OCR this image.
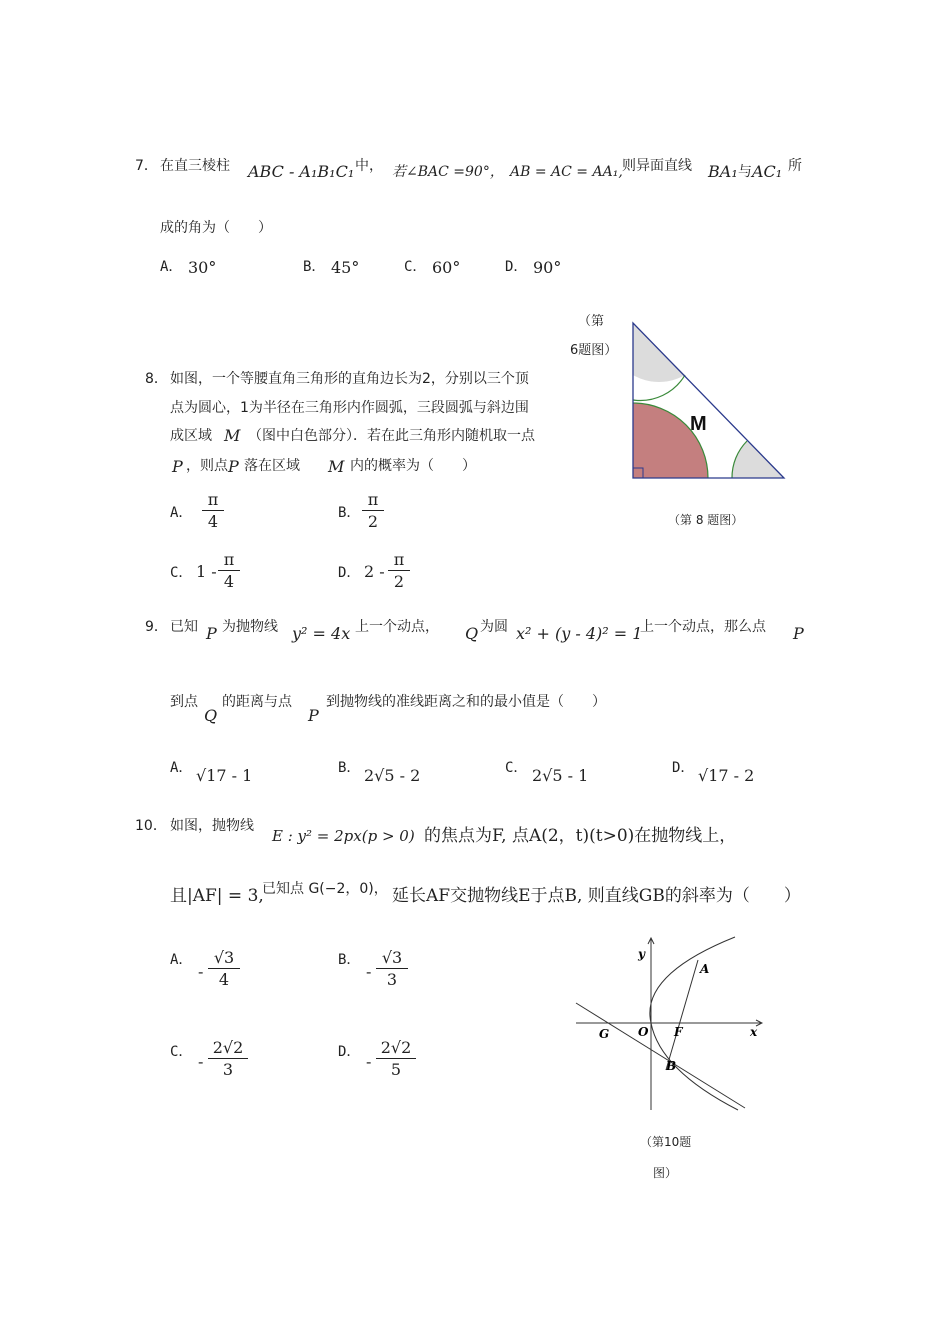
7． 在直三棱柱 ABC - A₁B₁C₁ 中， 若∠BAC =90°， AB = AC = AA₁, 则异面直线 BA₁ 与 AC₁ 所
成的角为（　　）
A． 30°	B． 45°	C． 60°	D． 90°
（第
6题图）
8． 如图，一个等腰直角三角形的直角边长为2，分别以三个顶
点为圆心，1为半径在三角形内作圆弧，三段圆弧与斜边围
成区域 M （图中白色部分）．若在此三角形内随机取一点
P ，则点 P 落在区域 M 内的概率为（　　）
A．
π
4	B．
π
2
C． 1 -
π
4	D． 2 -
π
2
M
（第 8 题图）
9． 已知 P 为抛物线 y² = 4x 上一个动点， Q 为圆 x² + (y - 4)² = 1
上一个动点，那么点 P
到点
Q
的距离与点
P
到抛物线的准线距离之和的最小值是（　　）
A． √17 - 1	B． 2√5 - 2	C． 2√5 - 1	D． √17 - 2
10． 如图，抛物线
E : y² = 2px(p > 0) 的焦点为F, 点A(2，t)(t>0)在抛物线上，
且|AF| = 3,
已知点 G(−2，0)， 延长AF交抛物线E于点B, 则直线GB的斜率为（　　）
A．
-
√3
4
B．
-
√3
3
C． -
2√2
3
D． -
2√2
5
y
x
A
O F
G
B
（第10题
图）
